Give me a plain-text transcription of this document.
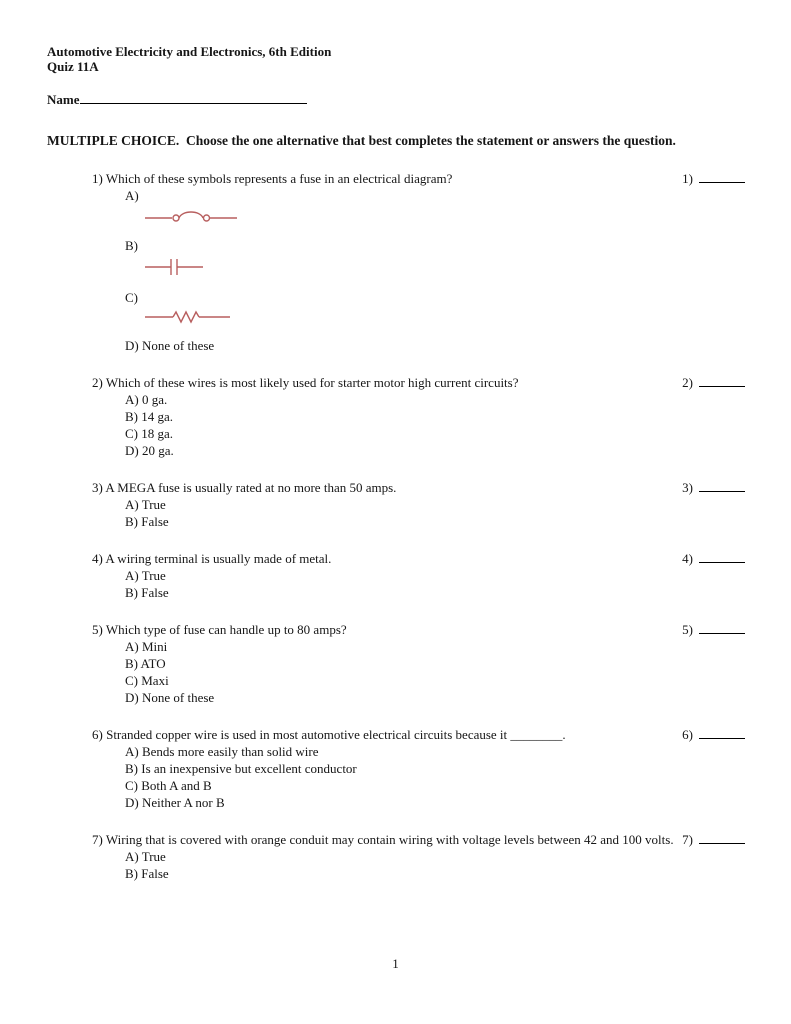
Automotive Electricity and Electronics, 6th Edition
Quiz 11A
Name
MULTIPLE CHOICE.  Choose the one alternative that best completes the statement or answers the question.
1) Which of these symbols represents a fuse in an electrical diagram?
A)
B)
C)
D) None of these
1)
2) Which of these wires is most likely used for starter motor high current circuits?
A) 0 ga.
B) 14 ga.
C) 18 ga.
D) 20 ga.
2)
3) A MEGA fuse is usually rated at no more than 50 amps.
A) True
B) False
3)
4) A wiring terminal is usually made of metal.
A) True
B) False
4)
5) Which type of fuse can handle up to 80 amps?
A) Mini
B) ATO
C) Maxi
D) None of these
5)
6) Stranded copper wire is used in most automotive electrical circuits because it ________.
A) Bends more easily than solid wire
B) Is an inexpensive but excellent conductor
C) Both A and B
D) Neither A nor B
6)
7) Wiring that is covered with orange conduit may contain wiring with voltage levels between 42 and 100 volts.
A) True
B) False
7)
1
